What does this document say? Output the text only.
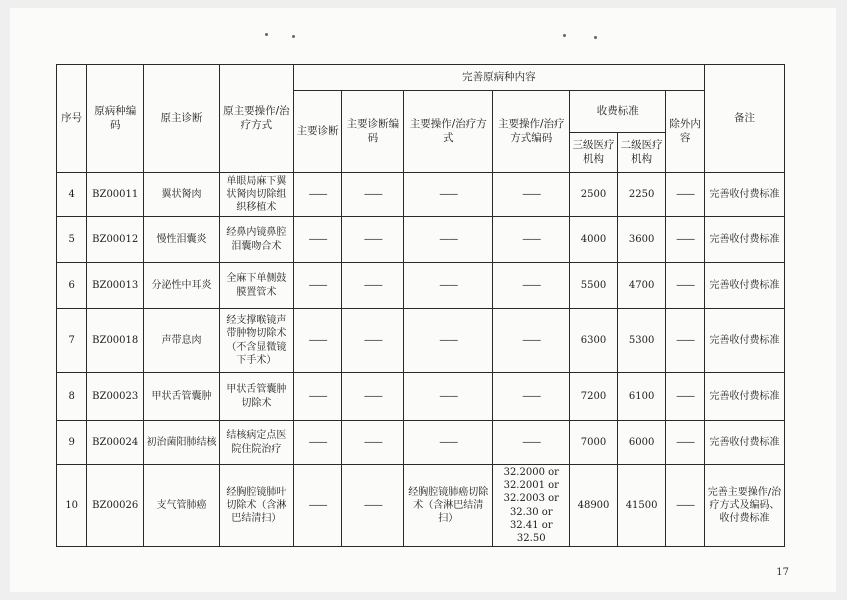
序号	原病种编码	原主诊断	原主要操作/治疗方式	完善原病种内容							备注
				主要诊断	主要诊断编码	主要操作/治疗方式	主要操作/治疗方式编码	收费标准		除外内容	
								三级医疗机构	二级医疗机构		
4	BZ00011	翼状胬肉	单眼局麻下翼状胬肉切除组织移植术	——	——	——	——	2500	2250	——	完善收付费标准
5	BZ00012	慢性泪囊炎	经鼻内镜鼻腔泪囊吻合术	——	——	——	——	4000	3600	——	完善收付费标准
6	BZ00013	分泌性中耳炎	全麻下单侧鼓膜置管术	——	——	——	——	5500	4700	——	完善收付费标准
7	BZ00018	声带息肉	经支撑喉镜声带肿物切除术（不含显微镜下手术）	——	——	——	——	6300	5300	——	完善收付费标准
8	BZ00023	甲状舌管囊肿	甲状舌管囊肿切除术	——	——	——	——	7200	6100	——	完善收付费标准
9	BZ00024	初治菌阳肺结核	结核病定点医院住院治疗	——	——	——	——	7000	6000	——	完善收付费标准
10	BZ00026	支气管肺癌	经胸腔镜肺叶切除术（含淋巴结清扫）	——	——	经胸腔镜肺癌切除术（含淋巴结清扫）	32.2000 or 32.2001 or 32.2003 or 32.30 or 32.41 or 32.50	48900	41500	——	完善主要操作/治疗方式及编码、收付费标准
17
